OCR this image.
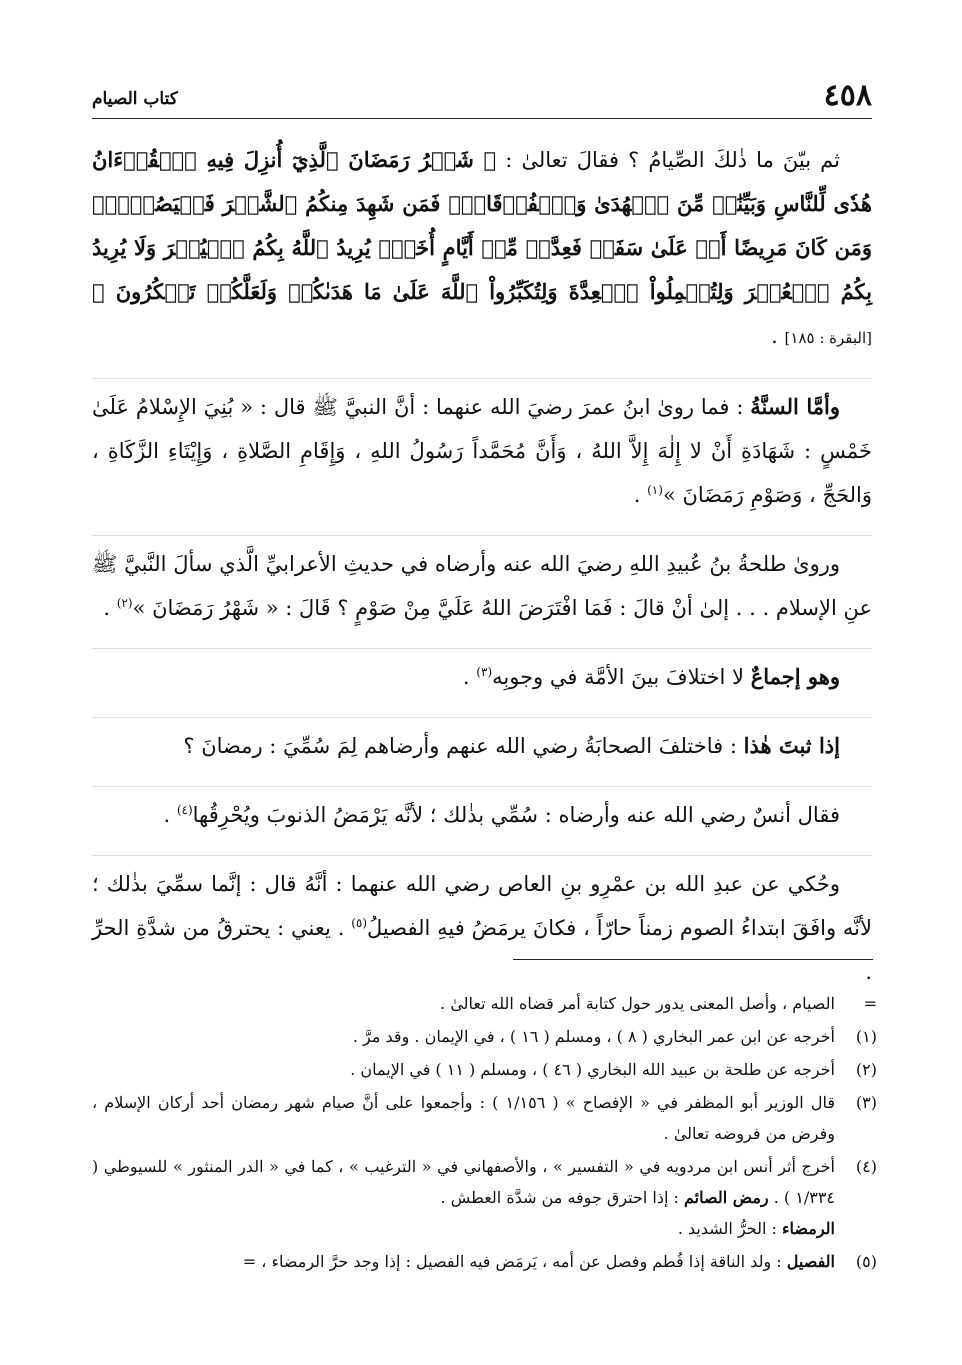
٤٥٨
كتاب الصيام

ثم بيّنَ ما ذٰلكَ الصِّيامُ ؟ فقالَ تعالىٰ : ﴿ شَهۡرُ رَمَضَانَ ٱلَّذِيٓ أُنزِلَ فِيهِ ٱلۡقُرۡءَانُ هُدٗى لِّلنَّاسِ وَبَيِّنَٰتٖ مِّنَ ٱلۡهُدَىٰ وَٱلۡفُرۡقَانِۚ فَمَن شَهِدَ مِنكُمُ ٱلشَّهۡرَ فَلۡيَصُمۡهُۖ وَمَن كَانَ مَرِيضًا أَوۡ عَلَىٰ سَفَرٖ فَعِدَّةٞ مِّنۡ أَيَّامٍ أُخَرَۗ يُرِيدُ ٱللَّهُ بِكُمُ ٱلۡيُسۡرَ وَلَا يُرِيدُ بِكُمُ ٱلۡعُسۡرَ وَلِتُكۡمِلُواْ ٱلۡعِدَّةَ وَلِتُكَبِّرُواْ ٱللَّهَ عَلَىٰ مَا هَدَىٰكُمۡ وَلَعَلَّكُمۡ تَشۡكُرُونَ ﴾ [البقرة : ١٨٥] .

وأمَّا السنَّةُ : فما روىٰ ابنُ عمرَ رضيَ الله عنهما : أنَّ النبيَّ ﷺ قال : « بُنِيَ الإِسْلامُ عَلَىٰ خَمْسٍ : شَهَادَةِ أَنْ لا إِلٰهَ إِلاَّ اللهُ ، وَأَنَّ مُحَمَّداً رَسُولُ اللهِ ، وَإِقَامِ الصَّلاةِ ، وَإِيْتَاءِ الزَّكَاةِ ، وَالحَجِّ ، وَصَوْمِ رَمَضَانَ »$^{(١)}$ .

وروىٰ طلحةُ بنُ عُبيدِ اللهِ رضيَ الله عنه وأرضاه في حديثِ الأعرابيِّ الَّذي سألَ النَّبيَّ ﷺ عنِ الإسلام . . . إلىٰ أنْ قالَ : فَمَا افْتَرَضَ اللهُ عَلَيَّ مِنْ صَوْمٍ ؟ قَالَ : « شَهْرُ رَمَضَانَ »$^{(٢)}$ .

وهو إجماعٌ لا اختلافَ بينَ الأمَّة في وجوبِه$^{(٣)}$ .

إذا ثبتَ هٰذا : فاختلفَ الصحابَةُ رضي الله عنهم وأرضاهم لِمَ سُمِّيَ : رمضانَ ؟

فقال أنسٌ رضي الله عنه وأرضاه : سُمِّي بذٰلك ؛ لأنَّه يَرْمَضُ الذنوبَ ويُحْرِقُها$^{(٤)}$ .

وحُكي عن عبدِ الله بن عمْرِو بنِ العاص رضي الله عنهما : أنَّهُ قال : إنَّما سمِّيَ بذٰلك ؛ لأنَّه وافَقَ ابتداءُ الصوم زمناً حارّاً ، فكانَ يرمَضُ فيهِ الفصيلُ$^{(٥)}$ . يعني : يحترقُ من شدَّةِ الحرِّ .

=
الصيام ، وأصل المعنى يدور حول كتابة أمر قضاه الله تعالىٰ .
(١)
أخرجه عن ابن عمر البخاري ( ٨ ) ، ومسلم ( ١٦ ) ، في الإيمان . وقد مرَّ .
(٢)
أخرجه عن طلحة بن عبيد الله البخاري ( ٤٦ ) ، ومسلم ( ١١ ) في الإيمان .
(٣)
قال الوزير أبو المظفر في « الإفصاح » ( ١/١٥٦ ) : وأجمعوا على أنَّ صيام شهر رمضان أحد أركان الإسلام ، وفرض من فروضه تعالىٰ .
(٤)
أخرج أثر أنس ابن مردويه في « التفسير » ، والأصفهاني في « الترغيب » ، كما في « الدر المنثور » للسيوطي ( ١/٣٣٤ ) . رمض الصائم : إذا احترق جوفه من شدَّة العطش .
الرمضاء : الحرُّ الشديد .
(٥)
الفصيل : ولد الناقة إذا فُطم وفصل عن أمه ، يَرمَض فيه الفصيل : إذا وجد حرَّ الرمضاء ، =
